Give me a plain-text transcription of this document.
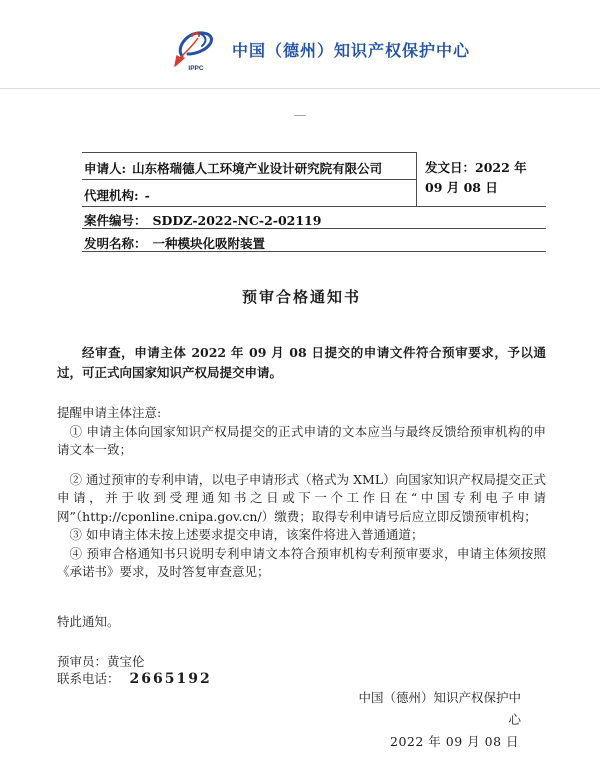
IPPC
中国（德州）知识产权保护中心
—
申请人: 山东格瑞德人工环境产业设计研究院有限公司
代理机构: -
发文日：2022 年 09 月 08 日
案件编号： SDDZ-2022-NC-2-02119
发明名称： 一种模块化吸附装置
预审合格通知书
经审查，申请主体 2022 年 09 月 08 日提交的申请文件符合预审要求，予以通过，可正式向国家知识产权局提交申请。
提醒申请主体注意:

① 申请主体向国家知识产权局提交的正式申请的文本应当与最终反馈给预审机构的申请文本一致；

② 通过预审的专利申请，以电子申请形式（格式为 XML）向国家知识产权局提交正式申请，并于收到受理通知书之日或下一个工作日在“中国专利电子申请网”（http://cponline.cnipa.gov.cn/）缴费；取得专利申请号后应立即反馈预审机构；

③ 如申请主体未按上述要求提交申请，该案件将进入普通通道；

④ 预审合格通知书只说明专利申请文本符合预审机构专利预审要求，申请主体须按照《承诺书》要求，及时答复审查意见；

特此通知。
预审员：黄宝伦
联系电话： 2665192
中国（德州）知识产权保护中心
2022 年 09 月 08 日
